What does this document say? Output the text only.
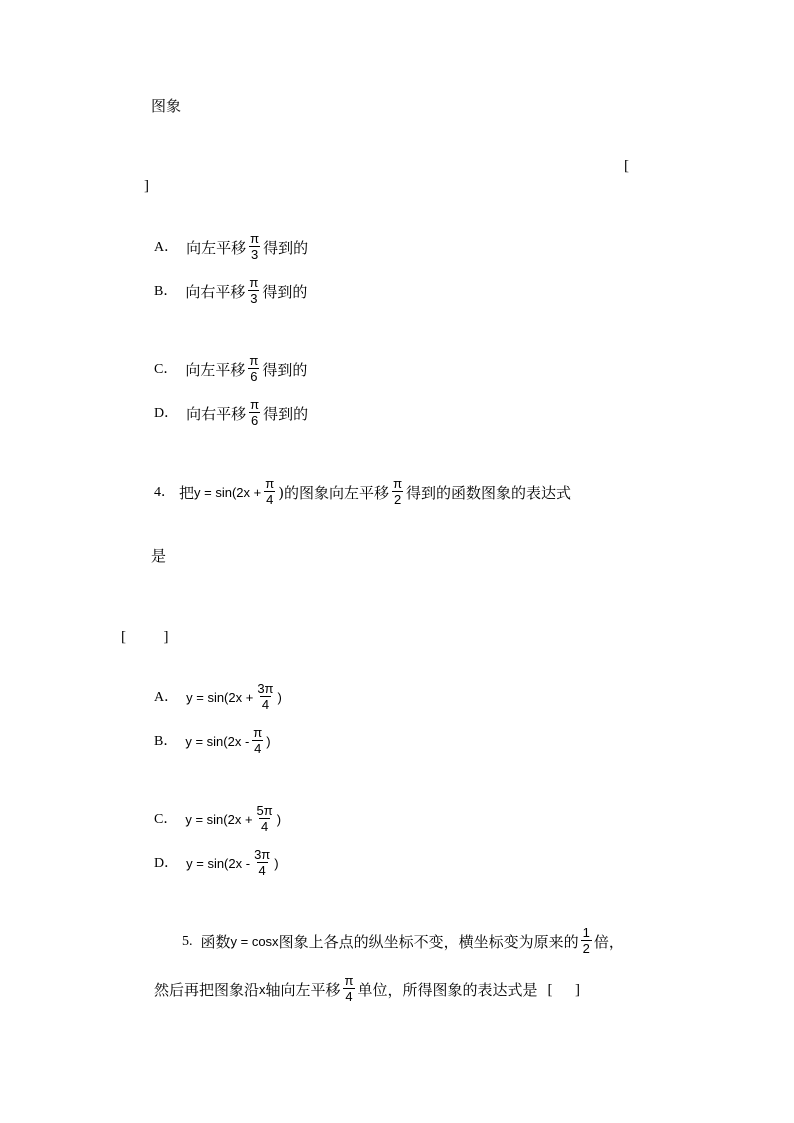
图象
[
]
A． 向左平移 $\frac{\pi}{3}$ 得到的
B． 向右平移 $\frac{\pi}{3}$ 得到的
C． 向左平移 $\frac{\pi}{6}$ 得到的
D． 向右平移 $\frac{\pi}{6}$ 得到的
4． 把 $y = \sin(2x + \frac{\pi}{4}$ )的图象向左平移 $\frac{\pi}{2}$ 得到的函数图象的表达式
是
[          ]
A． $y = \sin(2x + \frac{3\pi}{4}$ )
B． $y = \sin(2x - \frac{\pi}{4}$ )
C． $y = \sin(2x + \frac{5\pi}{4}$ )
D． $y = \sin(2x - \frac{3\pi}{4}$ )
5. 函数 y = cosx 图象上各点的纵坐标不变，横坐标变为原来的 $\frac{1}{2}$ 倍，
然后再把图象沿 x 轴向左平移 $\frac{\pi}{4}$ 单位，所得图象的表达式是 [      ]
